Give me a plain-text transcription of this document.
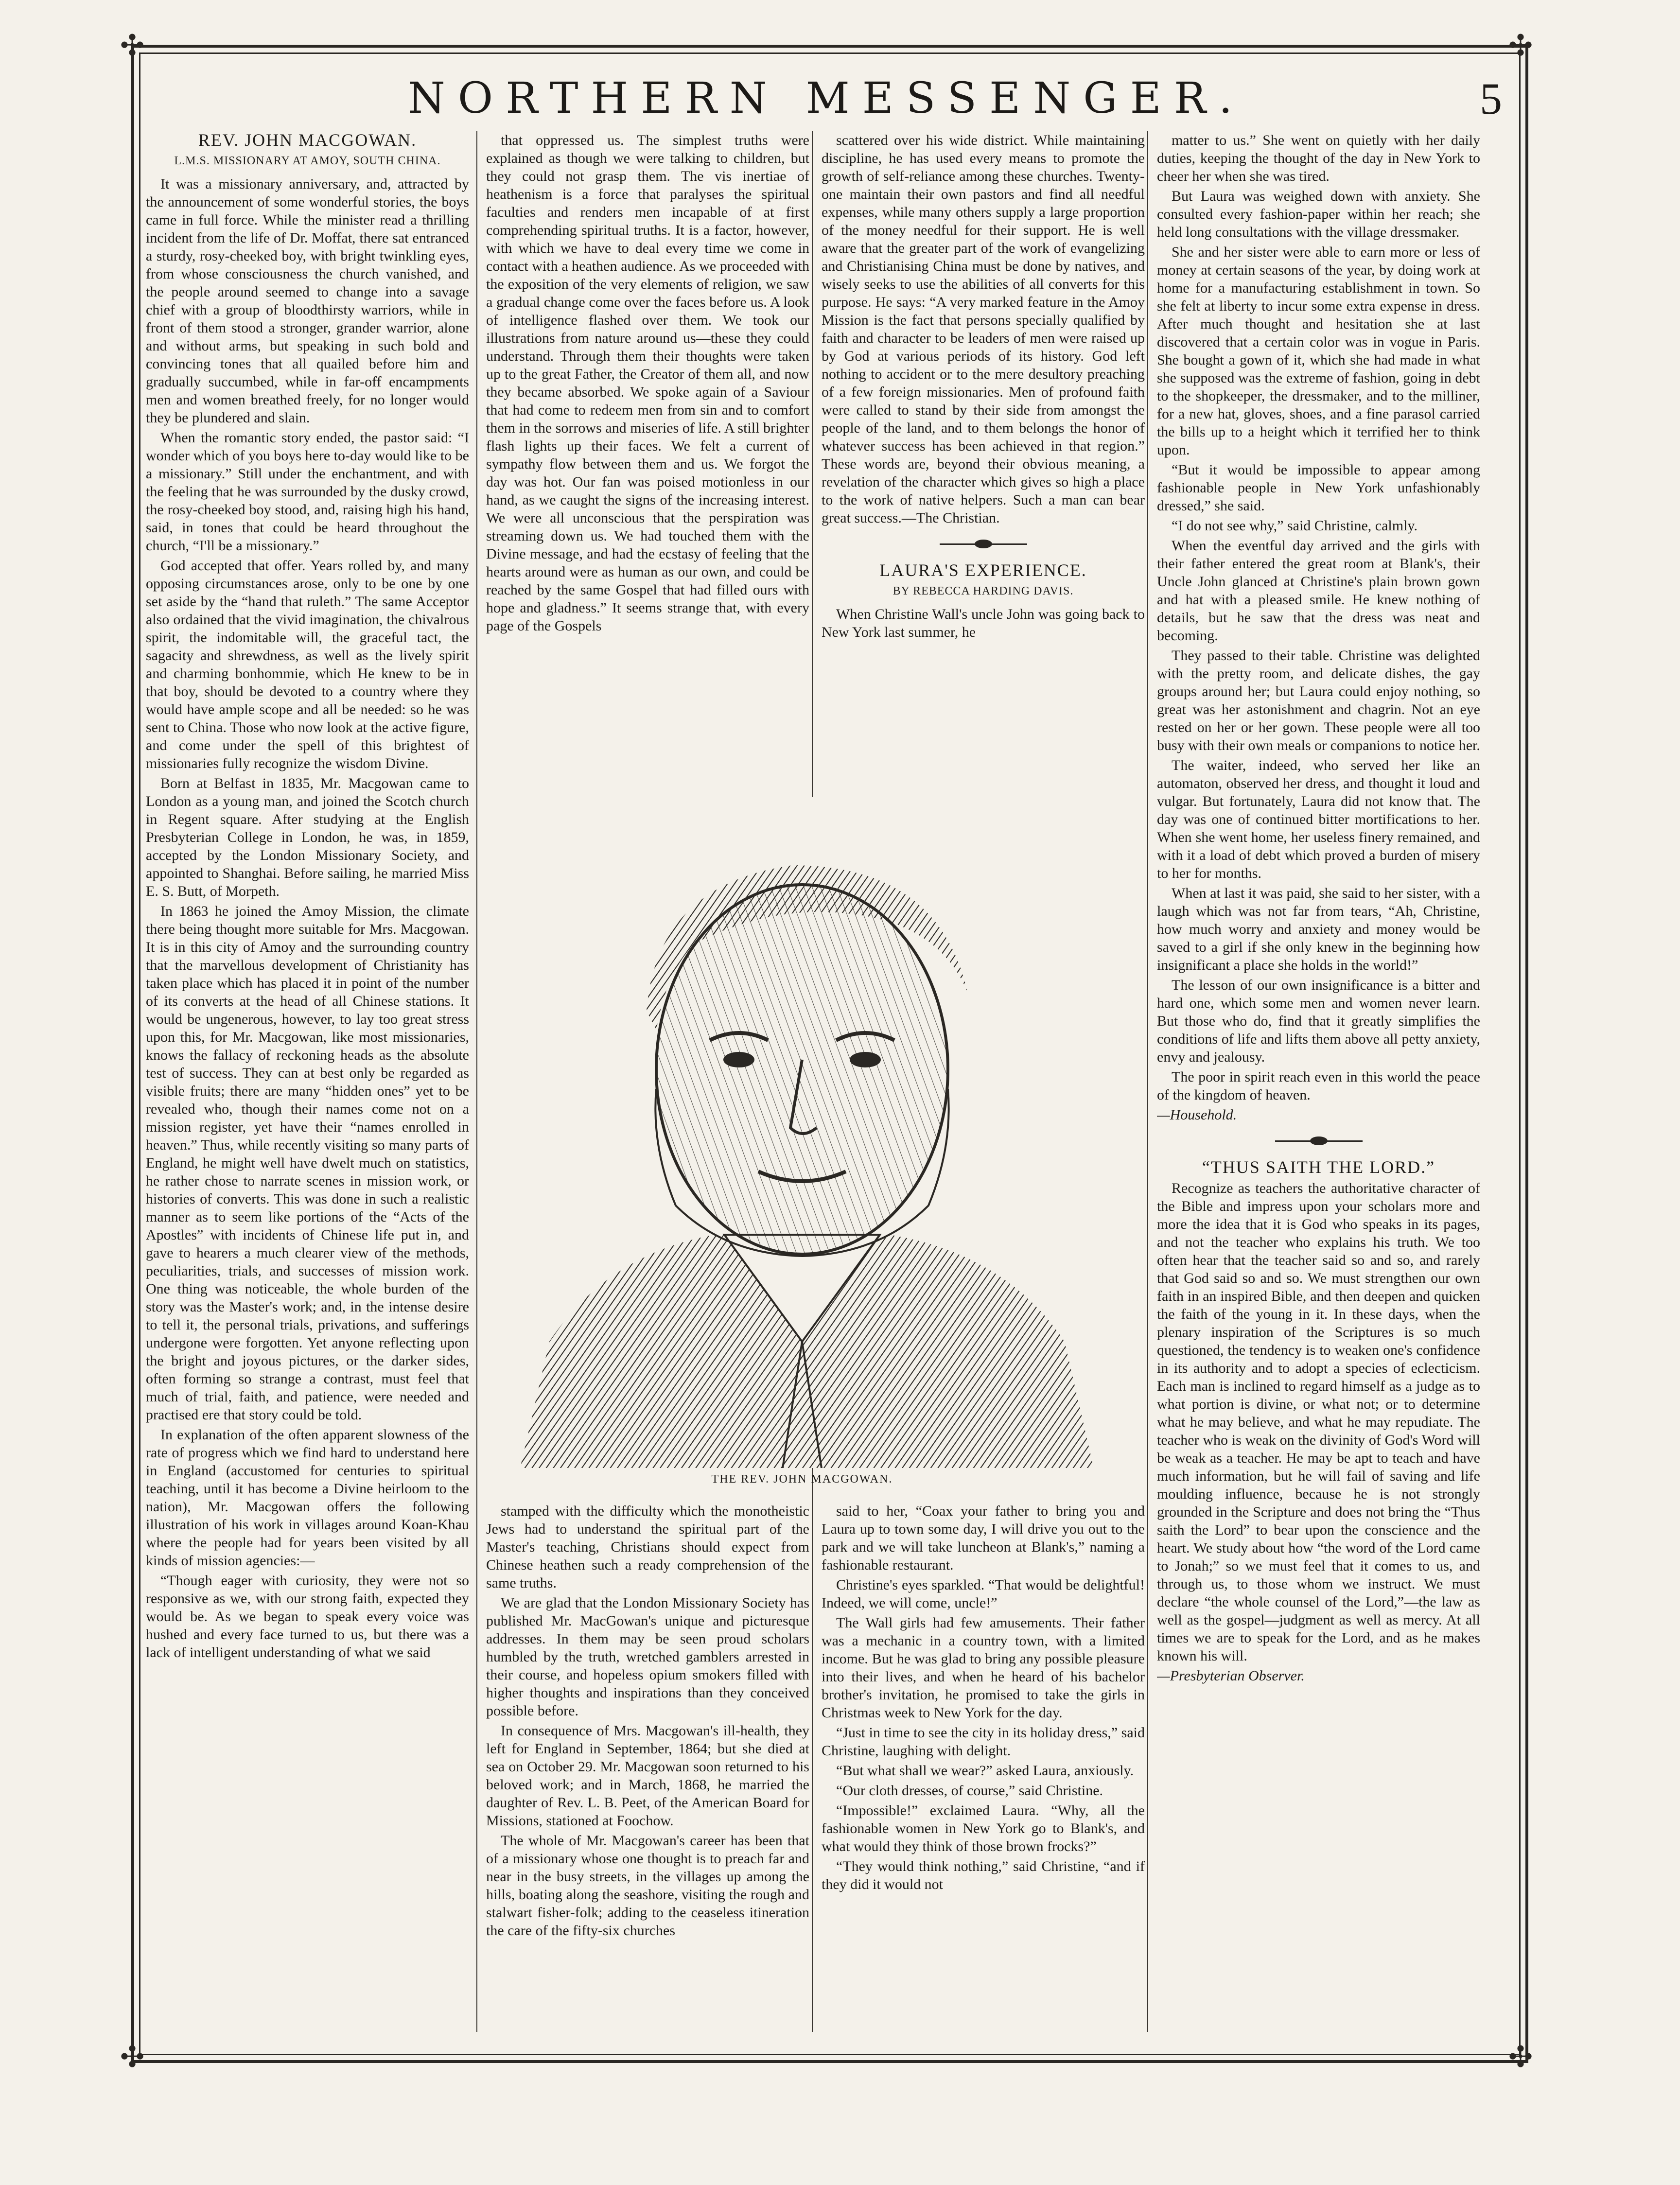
✣	✣
✣	✣
NORTHERN MESSENGER.	5
REV. JOHN MACGOWAN.
L.M.S. MISSIONARY AT AMOY, SOUTH CHINA.

It was a missionary anniversary, and, attracted by the announcement of some wonderful stories, the boys came in full force. While the minister read a thrilling incident from the life of Dr. Moffat, there sat entranced a sturdy, rosy-cheeked boy, with bright twinkling eyes, from whose consciousness the church vanished, and the people around seemed to change into a savage chief with a group of bloodthirsty warriors, while in front of them stood a stronger, grander warrior, alone and without arms, but speaking in such bold and convincing tones that all quailed before him and gradually succumbed, while in far-off encampments men and women breathed freely, for no longer would they be plundered and slain.

When the romantic story ended, the pastor said: “I wonder which of you boys here to-day would like to be a missionary.” Still under the enchantment, and with the feeling that he was surrounded by the dusky crowd, the rosy-cheeked boy stood, and, raising high his hand, said, in tones that could be heard throughout the church, “I'll be a missionary.”

God accepted that offer. Years rolled by, and many opposing circumstances arose, only to be one by one set aside by the “hand that ruleth.” The same Acceptor also ordained that the vivid imagination, the chivalrous spirit, the indomitable will, the graceful tact, the sagacity and shrewdness, as well as the lively spirit and charming bonhommie, which He knew to be in that boy, should be devoted to a country where they would have ample scope and all be needed: so he was sent to China. Those who now look at the active figure, and come under the spell of this brightest of missionaries fully recognize the wisdom Divine.

Born at Belfast in 1835, Mr. Macgowan came to London as a young man, and joined the Scotch church in Regent square. After studying at the English Presbyterian College in London, he was, in 1859, accepted by the London Missionary Society, and appointed to Shanghai. Before sailing, he married Miss E. S. Butt, of Morpeth.

In 1863 he joined the Amoy Mission, the climate there being thought more suitable for Mrs. Macgowan. It is in this city of Amoy and the surrounding country that the marvellous development of Christianity has taken place which has placed it in point of the number of its converts at the head of all Chinese stations. It would be ungenerous, however, to lay too great stress upon this, for Mr. Macgowan, like most missionaries, knows the fallacy of reckoning heads as the absolute test of success. They can at best only be regarded as visible fruits; there are many “hidden ones” yet to be revealed who, though their names come not on a mission register, yet have their “names enrolled in heaven.” Thus, while recently visiting so many parts of England, he might well have dwelt much on statistics, he rather chose to narrate scenes in mission work, or histories of converts. This was done in such a realistic manner as to seem like portions of the “Acts of the Apostles” with incidents of Chinese life put in, and gave to hearers a much clearer view of the methods, peculiarities, trials, and successes of mission work. One thing was noticeable, the whole burden of the story was the Master's work; and, in the intense desire to tell it, the personal trials, privations, and sufferings undergone were forgotten. Yet anyone reflecting upon the bright and joyous pictures, or the darker sides, often forming so strange a contrast, must feel that much of trial, faith, and patience, were needed and practised ere that story could be told.

In explanation of the often apparent slowness of the rate of progress which we find hard to understand here in England (accustomed for centuries to spiritual teaching, until it has become a Divine heirloom to the nation), Mr. Macgowan offers the following illustration of his work in villages around Koan-Khau where the people had for years been visited by all kinds of mission agencies:—

“Though eager with curiosity, they were not so responsive as we, with our strong faith, expected they would be. As we began to speak every voice was hushed and every face turned to us, but there was a lack of intelligent understanding of what we said

that oppressed us. The simplest truths were explained as though we were talking to children, but they could not grasp them. The vis inertiae of heathenism is a force that paralyses the spiritual faculties and renders men incapable of at first comprehending spiritual truths. It is a factor, however, with which we have to deal every time we come in contact with a heathen audience. As we proceeded with the exposition of the very elements of religion, we saw a gradual change come over the faces before us. A look of intelligence flashed over them. We took our illustrations from nature around us—these they could understand. Through them their thoughts were taken up to the great Father, the Creator of them all, and now they became absorbed. We spoke again of a Saviour that had come to redeem men from sin and to comfort them in the sorrows and miseries of life. A still brighter flash lights up their faces. We felt a current of sympathy flow between them and us. We forgot the day was hot. Our fan was poised motionless in our hand, as we caught the signs of the increasing interest. We were all unconscious that the perspiration was streaming down us. We had touched them with the Divine message, and had the ecstasy of feeling that the hearts around were as human as our own, and could be reached by the same Gospel that had filled ours with hope and gladness.” It seems strange that, with every page of the Gospels

scattered over his wide district. While maintaining discipline, he has used every means to promote the growth of self-reliance among these churches. Twenty-one maintain their own pastors and find all needful expenses, while many others supply a large proportion of the money needful for their support. He is well aware that the greater part of the work of evangelizing and Christianising China must be done by natives, and wisely seeks to use the abilities of all converts for this purpose. He says: “A very marked feature in the Amoy Mission is the fact that persons specially qualified by faith and character to be leaders of men were raised up by God at various periods of its history. God left nothing to accident or to the mere desultory preaching of a few foreign missionaries. Men of profound faith were called to stand by their side from amongst the people of the land, and to them belongs the honor of whatever success has been achieved in that region.” These words are, beyond their obvious meaning, a revelation of the character which gives so high a place to the work of native helpers. Such a man can bear great success.—The Christian.

LAURA'S EXPERIENCE.
BY REBECCA HARDING DAVIS.

When Christine Wall's uncle John was going back to New York last summer, he

matter to us.” She went on quietly with her daily duties, keeping the thought of the day in New York to cheer her when she was tired.

But Laura was weighed down with anxiety. She consulted every fashion-paper within her reach; she held long consultations with the village dressmaker.

She and her sister were able to earn more or less of money at certain seasons of the year, by doing work at home for a manufacturing establishment in town. So she felt at liberty to incur some extra expense in dress. After much thought and hesitation she at last discovered that a certain color was in vogue in Paris. She bought a gown of it, which she had made in what she supposed was the extreme of fashion, going in debt to the shopkeeper, the dressmaker, and to the milliner, for a new hat, gloves, shoes, and a fine parasol carried the bills up to a height which it terrified her to think upon.

“But it would be impossible to appear among fashionable people in New York unfashionably dressed,” she said.

“I do not see why,” said Christine, calmly.

When the eventful day arrived and the girls with their father entered the great room at Blank's, their Uncle John glanced at Christine's plain brown gown and hat with a pleased smile. He knew nothing of details, but he saw that the dress was neat and becoming.

They passed to their table. Christine was delighted with the pretty room, and delicate dishes, the gay groups around her; but Laura could enjoy nothing, so great was her astonishment and chagrin. Not an eye rested on her or her gown. These people were all too busy with their own meals or companions to notice her.

The waiter, indeed, who served her like an automaton, observed her dress, and thought it loud and vulgar. But fortunately, Laura did not know that. The day was one of continued bitter mortifications to her. When she went home, her useless finery remained, and with it a load of debt which proved a burden of misery to her for months.

When at last it was paid, she said to her sister, with a laugh which was not far from tears, “Ah, Christine, how much worry and anxiety and money would be saved to a girl if she only knew in the beginning how insignificant a place she holds in the world!”

The lesson of our own insignificance is a bitter and hard one, which some men and women never learn. But those who do, find that it greatly simplifies the conditions of life and lifts them above all petty anxiety, envy and jealousy.

The poor in spirit reach even in this world the peace of the kingdom of heaven.

—Household.

“THUS SAITH THE LORD.”

Recognize as teachers the authoritative character of the Bible and impress upon your scholars more and more the idea that it is God who speaks in its pages, and not the teacher who explains his truth. We too often hear that the teacher said so and so, and rarely that God said so and so. We must strengthen our own faith in an inspired Bible, and then deepen and quicken the faith of the young in it. In these days, when the plenary inspiration of the Scriptures is so much questioned, the tendency is to weaken one's confidence in its authority and to adopt a species of eclecticism. Each man is inclined to regard himself as a judge as to what portion is divine, or what not; or to determine what he may believe, and what he may repudiate. The teacher who is weak on the divinity of God's Word will be weak as a teacher. He may be apt to teach and have much information, but he will fail of saving and life moulding influence, because he is not strongly grounded in the Scripture and does not bring the “Thus saith the Lord” to bear upon the conscience and the heart. We study about how “the word of the Lord came to Jonah;” so we must feel that it comes to us, and through us, to those whom we instruct. We must declare “the whole counsel of the Lord,”—the law as well as the gospel—judgment as well as mercy. At all times we are to speak for the Lord, and as he makes known his will.

—Presbyterian Observer.

THE REV. JOHN MACGOWAN.

stamped with the difficulty which the monotheistic Jews had to understand the spiritual part of the Master's teaching, Christians should expect from Chinese heathen such a ready comprehension of the same truths.

We are glad that the London Missionary Society has published Mr. MacGowan's unique and picturesque addresses. In them may be seen proud scholars humbled by the truth, wretched gamblers arrested in their course, and hopeless opium smokers filled with higher thoughts and inspirations than they conceived possible before.

In consequence of Mrs. Macgowan's ill-health, they left for England in September, 1864; but she died at sea on October 29. Mr. Macgowan soon returned to his beloved work; and in March, 1868, he married the daughter of Rev. L. B. Peet, of the American Board for Missions, stationed at Foochow.

The whole of Mr. Macgowan's career has been that of a missionary whose one thought is to preach far and near in the busy streets, in the villages up among the hills, boating along the seashore, visiting the rough and stalwart fisher-folk; adding to the ceaseless itineration the care of the fifty-six churches

said to her, “Coax your father to bring you and Laura up to town some day, I will drive you out to the park and we will take luncheon at Blank's,” naming a fashionable restaurant.

Christine's eyes sparkled. “That would be delightful! Indeed, we will come, uncle!”

The Wall girls had few amusements. Their father was a mechanic in a country town, with a limited income. But he was glad to bring any possible pleasure into their lives, and when he heard of his bachelor brother's invitation, he promised to take the girls in Christmas week to New York for the day.

“Just in time to see the city in its holiday dress,” said Christine, laughing with delight.

“But what shall we wear?” asked Laura, anxiously.

“Our cloth dresses, of course,” said Christine.

“Impossible!” exclaimed Laura. “Why, all the fashionable women in New York go to Blank's, and what would they think of those brown frocks?”

“They would think nothing,” said Christine, “and if they did it would not
